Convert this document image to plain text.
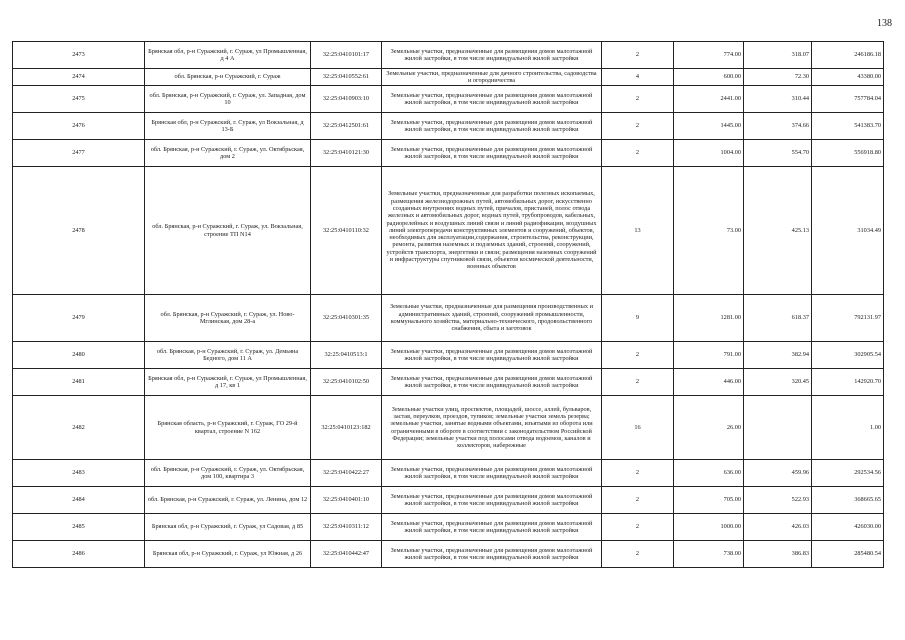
138
2473	Брянская обл, р-н Суражский, г. Сураж, ул Промышленная, д 4 А	32:25:0410101:17	Земельные участки, предназначенные для размещения домов малоэтажной жилой застройки, в том числе индивидуальной жилой застройки	2	774.00	318.07	246186.18
2474	обл. Брянская, р-н Суражский, г. Сураж	32:25:0410552:61	Земельные участки, предназначенные для дачного строительства, садоводства и огородничества	4	600.00	72.30	43380.00
2475	обл. Брянская, р-н Суражский, г. Сураж, ул. Западная, дом 10	32:25:0410903:10	Земельные участки, предназначенные для размещения домов малоэтажной жилой застройки, в том числе индивидуальной жилой застройки	2	2441.00	310.44	757784.04
2476	Брянская обл, р-н Суражский, г. Сураж, ул Вокзальная, д 13-Б	32:25:0412501:61	Земельные участки, предназначенные для размещения домов малоэтажной жилой застройки, в том числе индивидуальной жилой застройки	2	1445.00	374.66	541383.70
2477	обл. Брянская, р-н Суражский, г. Сураж, ул. Октябрьская, дом 2	32:25:0410121:30	Земельные участки, предназначенные для размещения домов малоэтажной жилой застройки, в том числе индивидуальной жилой застройки	2	1004.00	554.70	556918.80
2478	обл. Брянская, р-н Суражский, г. Сураж, ул. Вокзальная, строение ТП N14	32:25:0410110:32	Земельные участки, предназначенные для разработки полезных ископаемых, размещения железнодорожных путей, автомобильных дорог, искусственно созданных внутренних водных путей, причалов, пристаней, полос отвода железных и автомобильных дорог, водных путей, трубопроводов, кабельных, радиорелейных и воздушных линий связи и линий радиофикации, воздушных линий электропередачи конструктивных элементов и сооружений, объектов, необходимых для эксплуатации,содержания, строительства, реконструкции, ремонта, развития наземных и подземных зданий, строений, сооружений, устройств транспорта, энергетики и связи; размещения наземных сооружений и инфраструктуры спутниковой связи, объектов космической деятельности, военных объектов	13	73.00	425.13	31034.49
2479	обл. Брянская, р-н Суражский, г. Сураж, ул. Ново-Мглинская, дом 28-а	32:25:0410301:35	Земельные участки, предназначенные для размещения производственных и административных зданий, строений, сооружений промышленности, коммунального хозяйства, материально-технического, продовольственного снабжения, сбыта и заготовок	9	1281.00	618.37	792131.97
2480	обл. Брянская, р-н Суражский, г. Сураж, ул. Демьяна Бедного, дом 11 А	32:25:0410513:1	Земельные участки, предназначенные для размещения домов малоэтажной жилой застройки, в том числе индивидуальной жилой застройки	2	791.00	382.94	302905.54
2481	Брянская обл, р-н Суражский, г. Сураж, ул Промышленная, д 17, кв 1	32:25:0410102:50	Земельные участки, предназначенные для размещения домов малоэтажной жилой застройки, в том числе индивидуальной жилой застройки	2	446.00	320.45	142920.70
2482	Брянская область, р-н Суражский, г. Сураж, ГО 29-й квартал, строение N 162	32:25:0410123:182	Земельные участки улиц, проспектов, площадей, шоссе, аллей, бульваров, застав, переулков, проездов, тупиков; земельные участки земель резерва; земельные участки, занятые водными объектами, изъятыми из оборота или ограниченными в обороте в соответствии с законодательством Российской Федерации; земельные участки под полосами отвода водоемов, каналов и коллекторов, набережные	16	26.00		1.00
2483	обл. Брянская, р-н Суражский, г. Сураж, ул. Октябрьская, дом 100, квартира 3	32:25:0410422:27	Земельные участки, предназначенные для размещения домов малоэтажной жилой застройки, в том числе индивидуальной жилой застройки	2	636.00	459.96	292534.56
2484	обл. Брянская, р-н Суражский, г. Сураж, ул. Ленина, дом 12	32:25:0410401:10	Земельные участки, предназначенные для размещения домов малоэтажной жилой застройки, в том числе индивидуальной жилой застройки	2	705.00	522.93	368665.65
2485	Брянская обл, р-н Суражский, г. Сураж, ул Садовая, д 85	32:25:0410311:12	Земельные участки, предназначенные для размещения домов малоэтажной жилой застройки, в том числе индивидуальной жилой застройки	2	1000.00	426.03	426030.00
2486	Брянская обл, р-н Суражский, г. Сураж, ул Южная, д 26	32:25:0410442:47	Земельные участки, предназначенные для размещения домов малоэтажной жилой застройки, в том числе индивидуальной жилой застройки	2	738.00	386.83	285480.54
